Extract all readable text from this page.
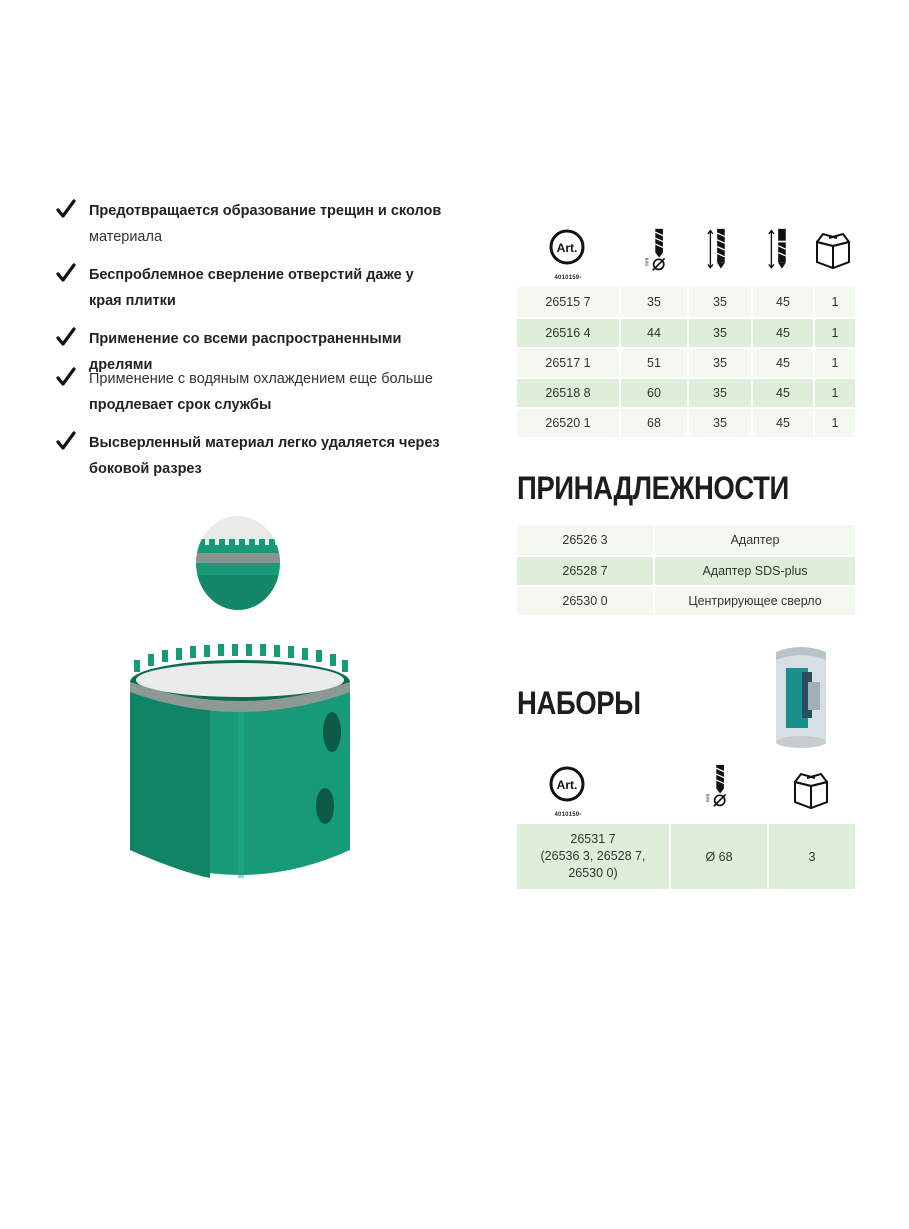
Предотвращается образование трещин и сколов
материала
Беспроблемное сверление отверстий даже у края плитки
Применение со всеми распространенными дрелями
Применение с водяным охлаждением еще больше
продлевает срок службы
Высверленный материал легко удаляется через боковой разрез
Art.
4010159-
mm
26515 7	35	35	45	1
26516 4	44	35	45	1
26517 1	51	35	45	1
26518 8	60	35	45	1
26520 1	68	35	45	1
ПРИНАДЛЕЖНОСТИ
26526 3	Адаптер
26528 7	Адаптер SDS-plus
26530 0	Центрирующее сверло
НАБОРЫ
Art.
4010159-
mm
26531 7
(26536 3, 26528 7,
26530 0)	Ø 68	3
